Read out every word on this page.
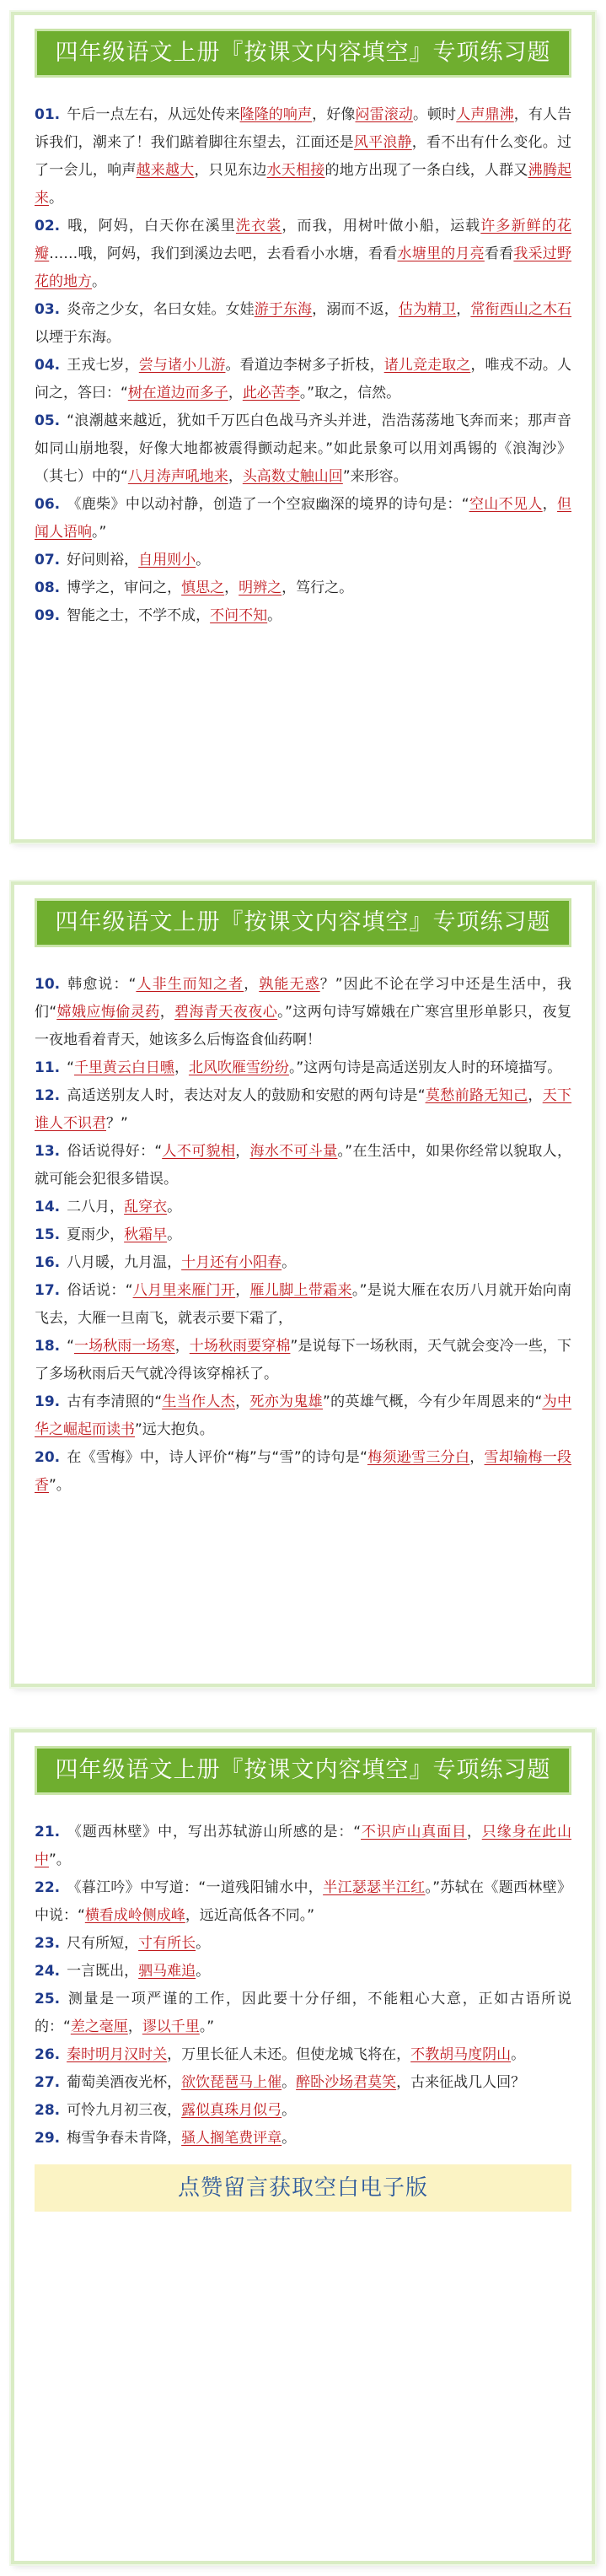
四年级语文上册『按课文内容填空』专项练习题

01. 午后一点左右，从远处传来隆隆的响声，好像闷雷滚动。顿时人声鼎沸，有人告诉我们，潮来了！我们踮着脚往东望去，江面还是风平浪静，看不出有什么变化。过了一会儿，响声越来越大，只见东边水天相接的地方出现了一条白线，人群又沸腾起来。

02. 哦，阿妈，白天你在溪里洗衣裳，而我，用树叶做小船，运载许多新鲜的花瓣……哦，阿妈，我们到溪边去吧，去看看小水塘，看看水塘里的月亮看看我采过野花的地方。

03. 炎帝之少女，名曰女娃。女娃游于东海，溺而不返，估为精卫，常衔西山之木石以堙于东海。

04. 王戎七岁，尝与诸小儿游。看道边李树多子折枝，诸儿竞走取之，唯戎不动。人问之，答曰：“树在道边而多子，此必苦李。”取之，信然。

05. “浪潮越来越近，犹如千万匹白色战马齐头并进，浩浩荡荡地飞奔而来；那声音如同山崩地裂，好像大地都被震得颤动起来。”如此景象可以用刘禹锡的《浪淘沙》（其七）中的“八月涛声吼地来，头高数丈触山回”来形容。

06. 《鹿柴》中以动衬静，创造了一个空寂幽深的境界的诗句是：“空山不见人，但闻人语响。”

07. 好问则裕，自用则小。

08. 博学之，审问之，慎思之，明辨之，笃行之。

09. 智能之士，不学不成，不问不知。

四年级语文上册『按课文内容填空』专项练习题

10. 韩愈说：“人非生而知之者，孰能无惑？”因此不论在学习中还是生活中，我们“嫦娥应悔偷灵药，碧海青天夜夜心。”这两句诗写嫦娥在广寒宫里形单影只，夜复一夜地看着青天，她该多么后悔盗食仙药啊！

11. “千里黄云白日曛，北风吹雁雪纷纷。”这两句诗是高适送别友人时的环境描写。

12. 高适送别友人时，表达对友人的鼓励和安慰的两句诗是“莫愁前路无知己，天下谁人不识君？”

13. 俗话说得好：“人不可貌相，海水不可斗量。”在生活中，如果你经常以貌取人，就可能会犯很多错误。

14. 二八月，乱穿衣。

15. 夏雨少，秋霜早。

16. 八月暖，九月温，十月还有小阳春。

17. 俗话说：“八月里来雁门开，雁儿脚上带霜来。”是说大雁在农历八月就开始向南飞去，大雁一旦南飞，就表示要下霜了，

18. “一场秋雨一场寒，十场秋雨要穿棉”是说每下一场秋雨，天气就会变冷一些，下了多场秋雨后天气就冷得该穿棉袄了。

19. 古有李清照的“生当作人杰，死亦为鬼雄”的英雄气概，今有少年周恩来的“为中华之崛起而读书”远大抱负。

20. 在《雪梅》中，诗人评价“梅”与“雪”的诗句是“梅须逊雪三分白，雪却输梅一段香”。

四年级语文上册『按课文内容填空』专项练习题

21. 《题西林壁》中，写出苏轼游山所感的是：“不识庐山真面目，只缘身在此山中”。

22. 《暮江吟》中写道：“一道残阳铺水中，半江瑟瑟半江红。”苏轼在《题西林壁》中说：“横看成岭侧成峰，远近高低各不同。”

23. 尺有所短，寸有所长。

24. 一言既出，驷马难追。

25. 测量是一项严谨的工作，因此要十分仔细，不能粗心大意，正如古语所说的：“差之毫厘，谬以千里。”

26. 秦时明月汉时关，万里长征人未还。但使龙城飞将在，不教胡马度阴山。

27. 葡萄美酒夜光杯，欲饮琵琶马上催。醉卧沙场君莫笑，古来征战几人回？

28. 可怜九月初三夜，露似真珠月似弓。

29. 梅雪争春未肯降，骚人搁笔费评章。

点赞留言获取空白电子版
